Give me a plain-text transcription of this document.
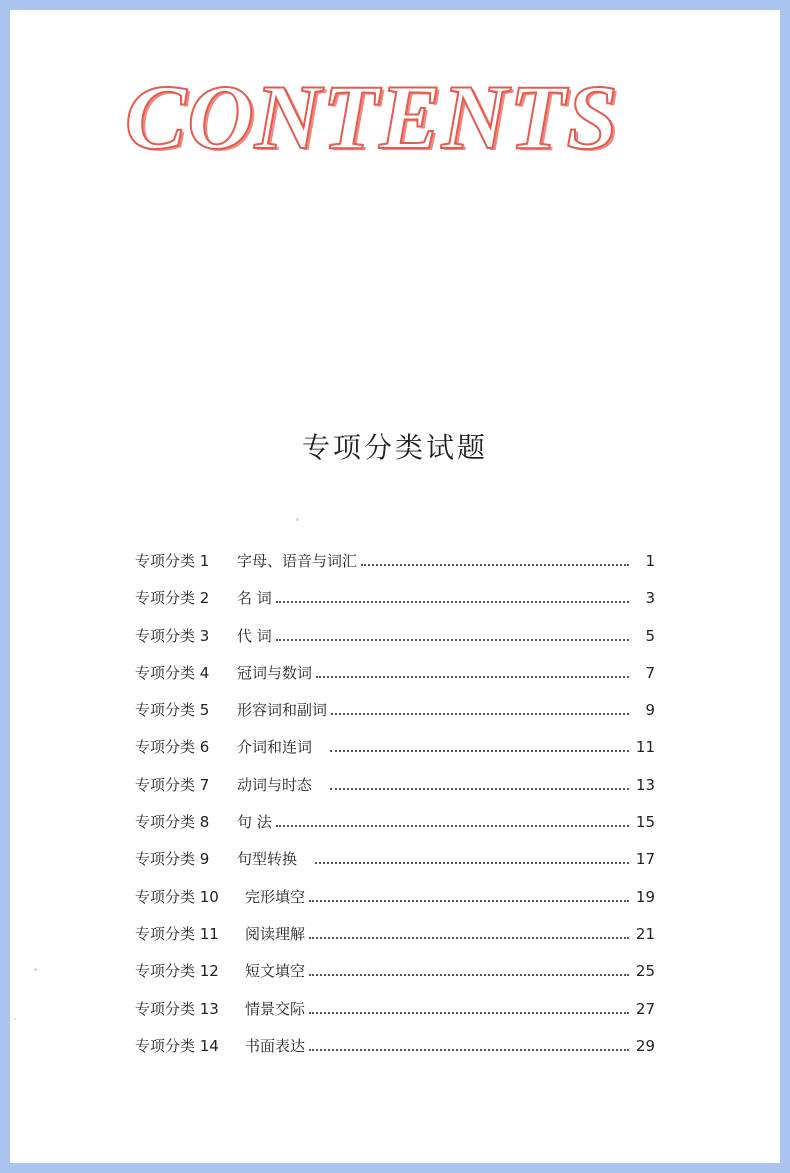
CONTENTS
专项分类试题
专项分类 1	字母、语音与词汇	1
专项分类 2	名 词	3
专项分类 3	代 词	5
专项分类 4	冠词与数词	7
专项分类 5	形容词和副词	9
专项分类 6	介词和连词	11
专项分类 7	动词与时态	13
专项分类 8	句 法	15
专项分类 9	句型转换	17
专项分类 10	完形填空	19
专项分类 11	阅读理解	21
专项分类 12	短文填空	25
专项分类 13	情景交际	27
专项分类 14	书面表达	29
